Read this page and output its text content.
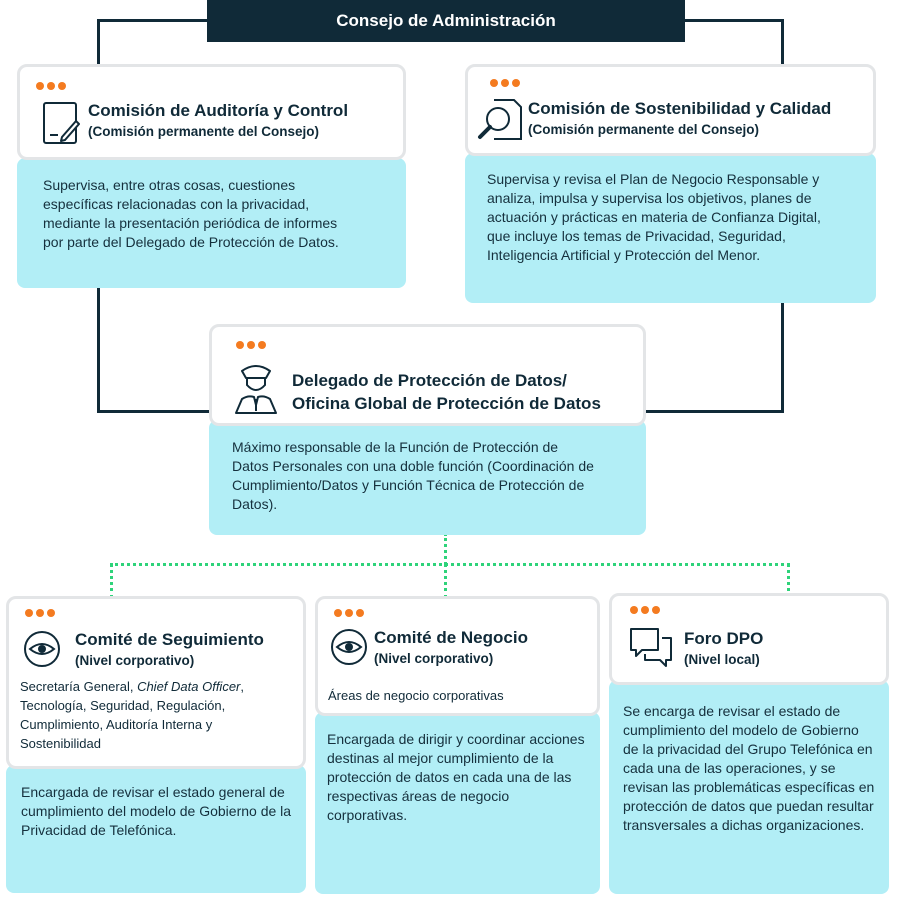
Consejo de Administración

Supervisa, entre otras cosas, cuestiones específicas relacionadas con la privacidad, mediante la presentación periódica de informes por parte del Delegado de Protección de Datos.

Comisión de Auditoría y Control
(Comisión permanente del Consejo)

Supervisa y revisa el Plan de Negocio Responsable y analiza, impulsa y supervisa los objetivos, planes de actuación y prácticas en materia de Confianza Digital, que incluye los temas de Privacidad, Seguridad, Inteligencia Artificial y Protección del Menor.

Comisión de Sostenibilidad y Calidad
(Comisión permanente del Consejo)

Máximo responsable de la Función de Protección de Datos Personales con una doble función (Coordinación de Cumplimiento/Datos y Función Técnica de Protección de Datos).

Delegado de Protección de Datos/
Oficina Global de Protección de Datos

Encargada de revisar el estado general de cumplimiento del modelo de Gobierno de la Privacidad de Telefónica.

Comité de Seguimiento
(Nivel corporativo)
Secretaría General, Chief Data Officer, Tecnología, Seguridad, Regulación, Cumplimiento, Auditoría Interna y Sostenibilidad	Encargada de dirigir y coordinar acciones destinas al mejor cumplimiento de la protección de datos en cada una de las respectivas áreas de negocio corporativas.

Comité de Negocio
(Nivel corporativo)
Áreas de negocio corporativas

Se encarga de revisar el estado de cumplimiento del modelo de Gobierno de la privacidad del Grupo Telefónica en cada una de las operaciones, y se revisan las problemáticas específicas en protección de datos que puedan resultar transversales a dichas organizaciones.

Foro DPO
(Nivel local)
